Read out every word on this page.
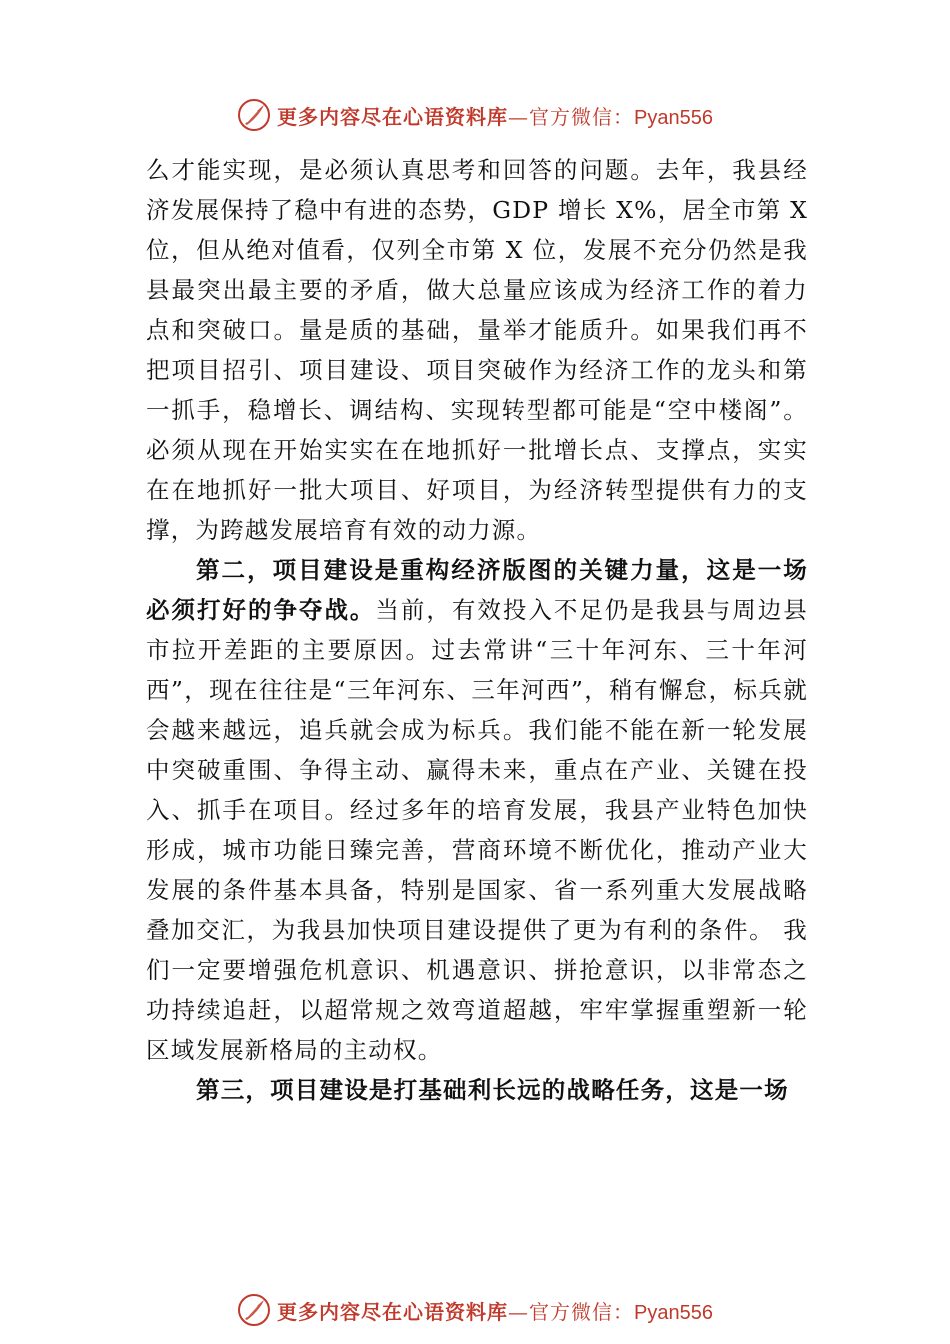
更多内容尽在心语资料库—官方微信：Pyan556

么才能实现，是必须认真思考和回答的问题。去年，我县经济发展保持了稳中有进的态势，GDP 增长 X%，居全市第 X 位，但从绝对值看，仅列全市第 X 位，发展不充分仍然是我县最突出最主要的矛盾，做大总量应该成为经济工作的着力点和突破口。量是质的基础，量举才能质升。如果我们再不把项目招引、项目建设、项目突破作为经济工作的龙头和第一抓手，稳增长、调结构、实现转型都可能是“空中楼阁”。必须从现在开始实实在在地抓好一批增长点、支撑点，实实在在地抓好一批大项目、好项目，为经济转型提供有力的支撑，为跨越发展培育有效的动力源。

第二，项目建设是重构经济版图的关键力量，这是一场必须打好的争夺战。当前，有效投入不足仍是我县与周边县市拉开差距的主要原因。过去常讲“三十年河东、三十年河西”，现在往往是“三年河东、三年河西”，稍有懈怠，标兵就会越来越远，追兵就会成为标兵。我们能不能在新一轮发展中突破重围、争得主动、赢得未来，重点在产业、关键在投入、抓手在项目。经过多年的培育发展，我县产业特色加快形成，城市功能日臻完善，营商环境不断优化，推动产业大发展的条件基本具备，特别是国家、省一系列重大发展战略叠加交汇，为我县加快项目建设提供了更为有利的条件。 我们一定要增强危机意识、机遇意识、拼抢意识，以非常态之功持续追赶，以超常规之效弯道超越，牢牢掌握重塑新一轮区域发展新格局的主动权。

第三，项目建设是打基础利长远的战略任务，这是一场

更多内容尽在心语资料库—官方微信：Pyan556
